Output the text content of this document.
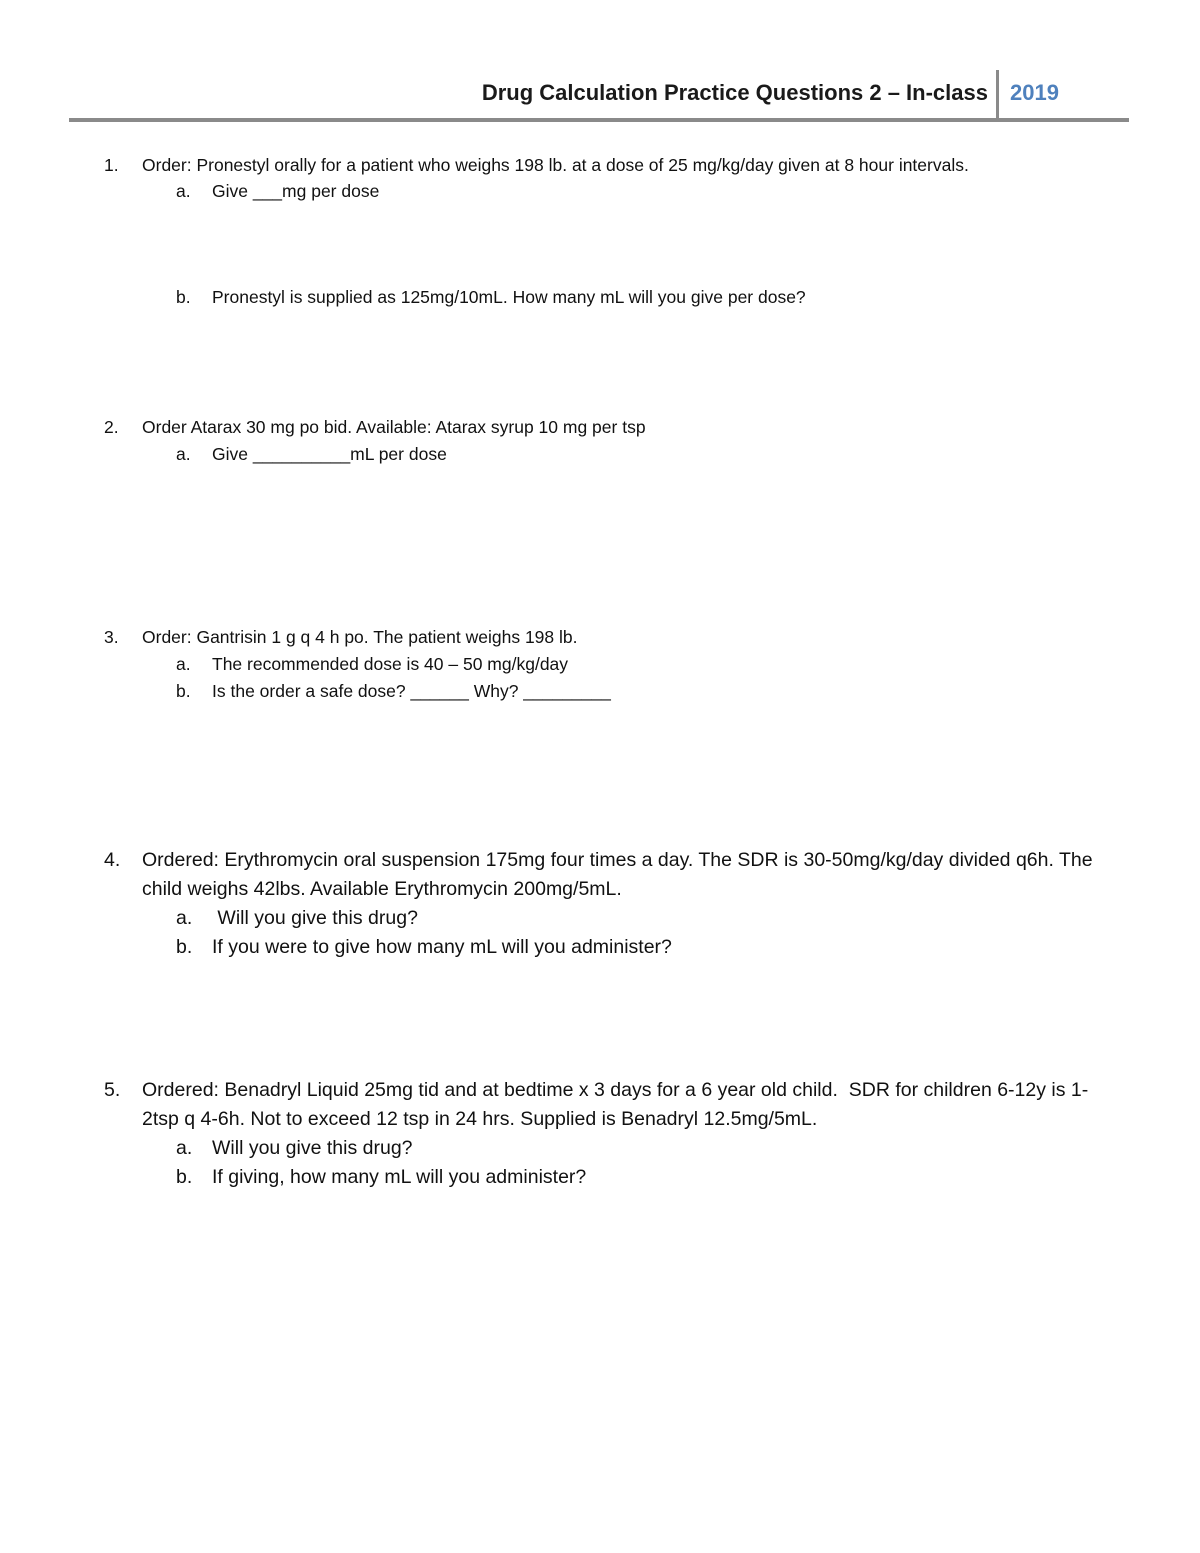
Drug Calculation Practice Questions 2 – In-class 2019
1. Order: Pronestyl orally for a patient who weighs 198 lb. at a dose of 25 mg/kg/day given at 8 hour intervals.
a. Give ___mg per dose
b. Pronestyl is supplied as 125mg/10mL. How many mL will you give per dose?
2. Order Atarax 30 mg po bid. Available: Atarax syrup 10 mg per tsp
a. Give __________mL per dose
3. Order: Gantrisin 1 g q 4 h po. The patient weighs 198 lb.
a. The recommended dose is 40 – 50 mg/kg/day
b. Is the order a safe dose? ______ Why? _________
4. Ordered: Erythromycin oral suspension 175mg four times a day. The SDR is 30-50mg/kg/day divided q6h. The child weighs 42lbs. Available Erythromycin 200mg/5mL.
a. Will you give this drug?
b. If you were to give how many mL will you administer?
5. Ordered: Benadryl Liquid 25mg tid and at bedtime x 3 days for a 6 year old child.  SDR for children 6-12y is 1-2tsp q 4-6h. Not to exceed 12 tsp in 24 hrs. Supplied is Benadryl 12.5mg/5mL.
a. Will you give this drug?
b. If giving, how many mL will you administer?
